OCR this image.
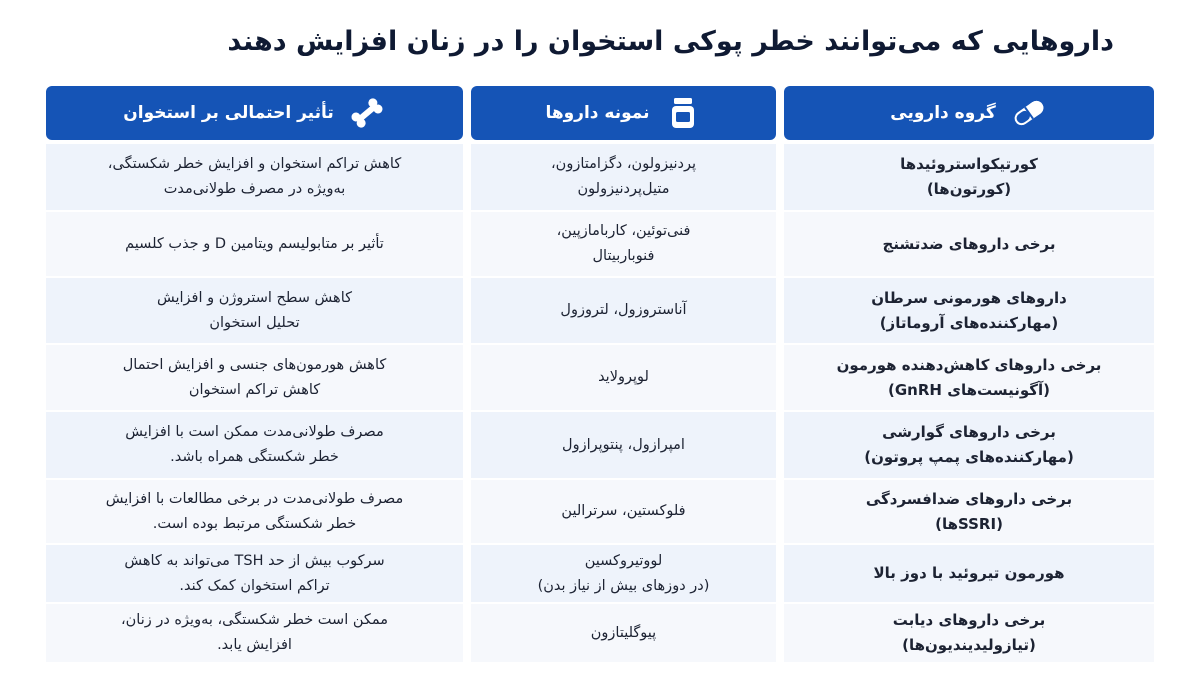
داروهایی که می‌توانند خطر پوکی استخوان را در زنان افزایش دهند
گروه دارویی
نمونه داروها
تأثیر احتمالی بر استخوان
کورتیکواستروئیدها
(کورتون‌ها)
پردنیزولون، دگزامتازون،
متیل‌پردنیزولون
کاهش تراکم استخوان و افزایش خطر شکستگی،
به‌ویژه در مصرف طولانی‌مدت
برخی داروهای ضدتشنج
فنی‌توئین، کاربامازپین،
فنوباربیتال
تأثیر بر متابولیسم ویتامین D و جذب کلسیم
داروهای هورمونی سرطان
(مهارکننده‌های آروماتاز)
آناستروزول، لتروزول
کاهش سطح استروژن و افزایش
تحلیل استخوان
برخی داروهای کاهش‌دهنده هورمون
(آگونیست‌های GnRH)
لوپرولاید
کاهش هورمون‌های جنسی و افزایش احتمال
کاهش تراکم استخوان
برخی داروهای گوارشی
(مهارکننده‌های پمپ پروتون)
امپرازول، پنتوپرازول
مصرف طولانی‌مدت ممکن است با افزایش
خطر شکستگی همراه باشد.
برخی داروهای ضدافسردگی
(SSRIها)
فلوکستین، سرترالین
مصرف طولانی‌مدت در برخی مطالعات با افزایش
خطر شکستگی مرتبط بوده است.
هورمون تیروئید با دوز بالا
لووتیروکسین
(در دوزهای بیش از نیاز بدن)
سرکوب بیش از حد TSH می‌تواند به کاهش
تراکم استخوان کمک کند.
برخی داروهای دیابت
(تیازولیدیندیون‌ها)
پیوگلیتازون
ممکن است خطر شکستگی، به‌ویژه در زنان،
افزایش یابد.
